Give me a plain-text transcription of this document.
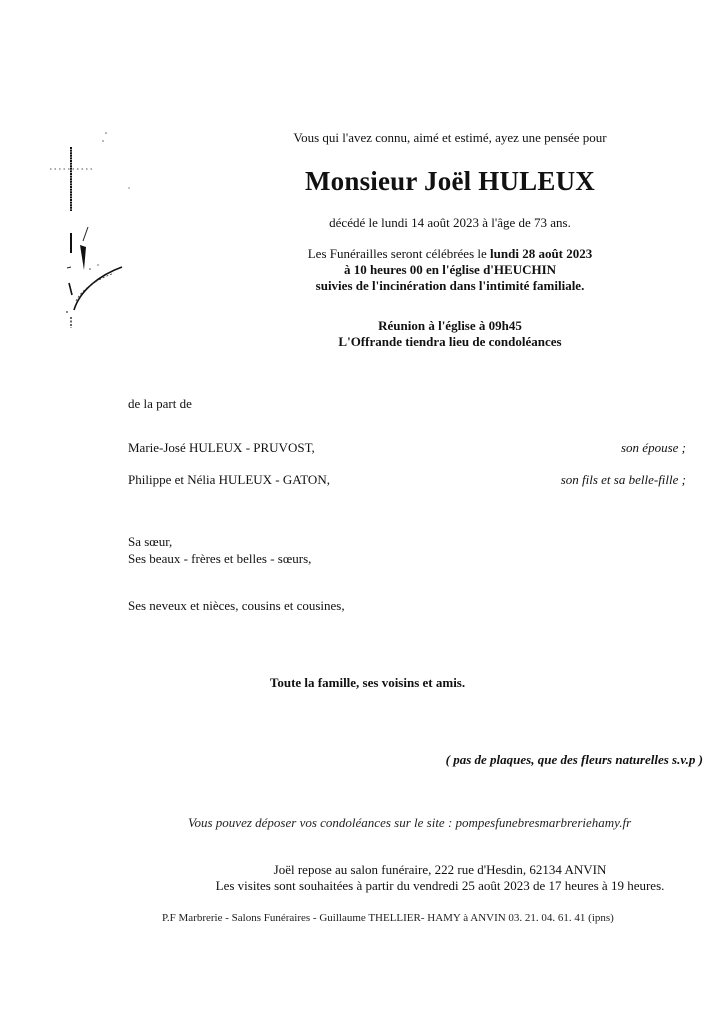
Vous qui l'avez connu, aimé et estimé, ayez une pensée pour
Monsieur Joël HULEUX
décédé le lundi 14 août 2023 à l'âge de 73 ans.
Les Funérailles seront célébrées le lundi 28 août 2023
à 10 heures 00 en l'église d'HEUCHIN
suivies de l'incinération dans l'intimité familiale.
Réunion à l'église à 09h45
L'Offrande tiendra lieu de condoléances
de la part de
Marie-José HULEUX - PRUVOST,	son épouse ;
Philippe et Nélia HULEUX - GATON,	son fils et sa belle-fille ;
Sa sœur,
Ses beaux - frères et belles - sœurs,
Ses neveux et nièces, cousins et cousines,
Toute la famille, ses voisins et amis.
( pas de plaques, que des fleurs naturelles s.v.p )
Vous pouvez déposer vos condoléances sur le site : pompesfunebresmarbreriehamy.fr
Joël repose au salon funéraire, 222 rue d'Hesdin, 62134 ANVIN
Les visites sont souhaitées à partir du vendredi 25 août 2023 de 17 heures à 19 heures.
P.F Marbrerie - Salons Funéraires - Guillaume THELLIER- HAMY à ANVIN 03. 21. 04. 61. 41 (ipns)
